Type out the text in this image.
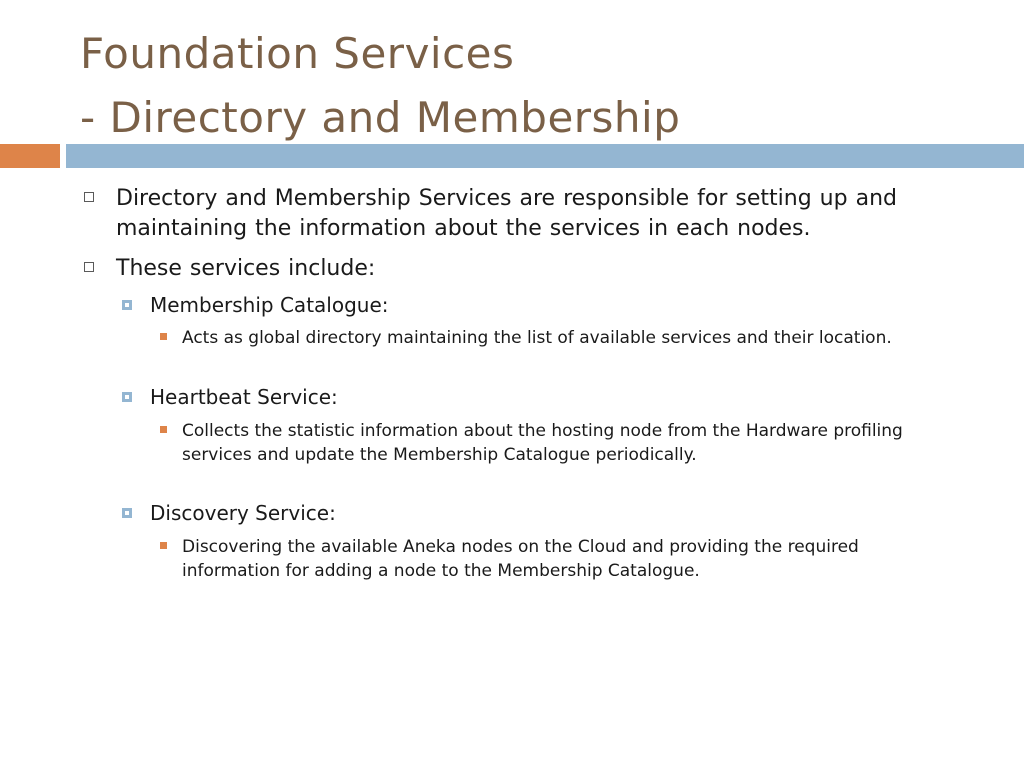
Foundation Services
- Directory and Membership
Directory and Membership Services are responsible for setting up and maintaining the information about the services in each nodes.
These services include:
Membership Catalogue:
Acts as global directory maintaining the list of available services and their location.
Heartbeat Service:
Collects the statistic information about the hosting node from the Hardware profiling services and update the Membership Catalogue periodically.
Discovery Service:
Discovering the available Aneka nodes on the Cloud and providing the required information for adding a node to the Membership Catalogue.
